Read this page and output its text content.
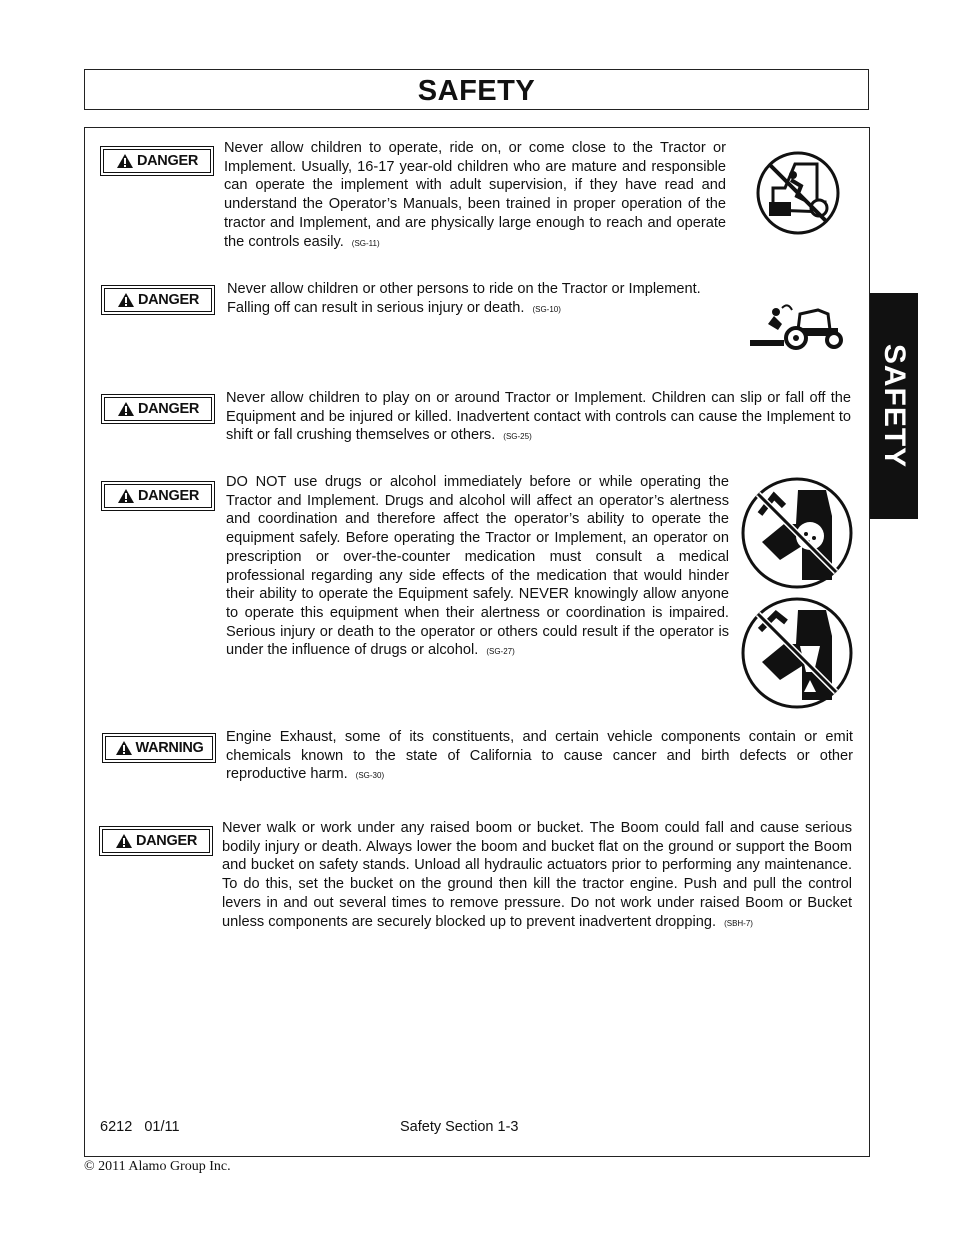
SAFETY
SAFETY
DANGER

Never allow children to operate, ride on, or come close to the Tractor or Implement. Usually, 16-17 year-old children who are mature and responsible can operate the implement with adult supervision, if they have read and understand the Operator’s Manuals, been trained in proper operation of the tractor and Implement, and are physically large enough to reach and operate the controls easily. (SG-11)

DANGER

Never allow children or other persons to ride on the Tractor or Implement. Falling off can result in serious injury or death. (SG-10)

DANGER

Never allow children to play on or around Tractor or Implement. Children can slip or fall off the Equipment and be injured or killed. Inadvertent contact with controls can cause the Implement to shift or fall crushing themselves or others. (SG-25)

DANGER

DO NOT use drugs or alcohol immediately before or while operating the Tractor and Implement. Drugs and alcohol will affect an operator’s alertness and coordination and therefore affect the operator’s ability to operate the equipment safely. Before operating the Tractor or Implement, an operator on prescription or over-the-counter medication must consult a medical professional regarding any side effects of the medication that would hinder their ability to operate the Equipment safely. NEVER knowingly allow anyone to operate this equipment when their alertness or coordination is impaired. Serious injury or death to the operator or others could result if the operator is under the influence of drugs or alcohol. (SG-27)

WARNING

Engine Exhaust, some of its constituents, and certain vehicle components contain or emit chemicals known to the state of California to cause cancer and birth defects or other reproductive harm. (SG-30)

DANGER

Never walk or work under any raised boom or bucket. The Boom could fall and cause serious bodily injury or death. Always lower the boom and bucket flat on the ground or support the Boom and bucket on safety stands. Unload all hydraulic actuators prior to performing any maintenance. To do this, set the bucket on the ground then kill the tractor engine. Push and pull the control levers in and out several times to remove pressure. Do not work under raised Boom or Bucket unless components are securely blocked up to prevent inadvertent dropping. (SBH-7)

6212   01/11	Safety Section 1-3
© 2011 Alamo Group Inc.
